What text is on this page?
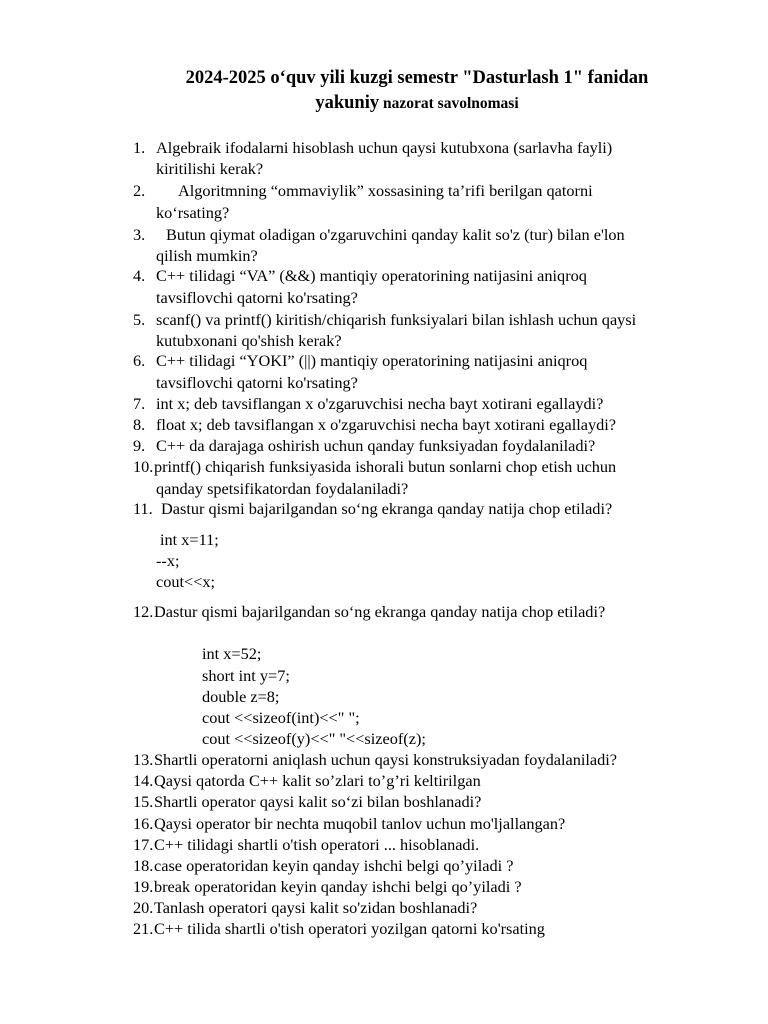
2024-2025 o‘quv yili kuzgi semestr "Dasturlash 1" fanidan
yakuniy nazorat savolnomasi
1. Algebraik ifodalarni hisoblash uchun qaysi kutubxona (sarlavha fayli)
kiritilishi kerak?
2. Algoritmning “ommaviylik” xossasining ta’rifi berilgan qatorni
ko‘rsating?
3. Butun qiymat oladigan o'zgaruvchini qanday kalit so'z (tur) bilan e'lon
qilish mumkin?
4. C++ tilidagi “VA” (&&) mantiqiy operatorining natijasini aniqroq
tavsiflovchi qatorni ko'rsating?
5. scanf() va printf() kiritish/chiqarish funksiyalari bilan ishlash uchun qaysi
kutubxonani qo'shish kerak?
6. C++ tilidagi “YOKI” (||) mantiqiy operatorining natijasini aniqroq
tavsiflovchi qatorni ko'rsating?
7. int x; deb tavsiflangan x o'zgaruvchisi necha bayt xotirani egallaydi?
8. float x; deb tavsiflangan x o'zgaruvchisi necha bayt xotirani egallaydi?
9. C++ da darajaga oshirish uchun qanday funksiyadan foydalaniladi?
10. printf() chiqarish funksiyasida ishorali butun sonlarni chop etish uchun
qanday spetsifikatordan foydalaniladi?
11. Dastur qismi bajarilgandan so‘ng ekranga qanday natija chop etiladi?
int x=11;
--x;
cout<<x;
12. Dastur qismi bajarilgandan so‘ng ekranga qanday natija chop etiladi?
int x=52;
short int y=7;
double z=8;
cout <<sizeof(int)<<" ";
cout <<sizeof(y)<<" "<<sizeof(z);
13. Shartli operatorni aniqlash uchun qaysi konstruksiyadan foydalaniladi?
14. Qaysi qatorda C++ kalit so’zlari to’g’ri keltirilgan
15. Shartli operator qaysi kalit so‘zi bilan boshlanadi?
16. Qaysi operator bir nechta muqobil tanlov uchun mo'ljallangan?
17. C++ tilidagi shartli o'tish operatori ... hisoblanadi.
18. case operatoridan keyin qanday ishchi belgi qo’yiladi ?
19. break operatoridan keyin qanday ishchi belgi qo’yiladi ?
20. Tanlash operatori qaysi kalit so'zidan boshlanadi?
21. C++ tilida shartli o'tish operatori yozilgan qatorni ko'rsating
